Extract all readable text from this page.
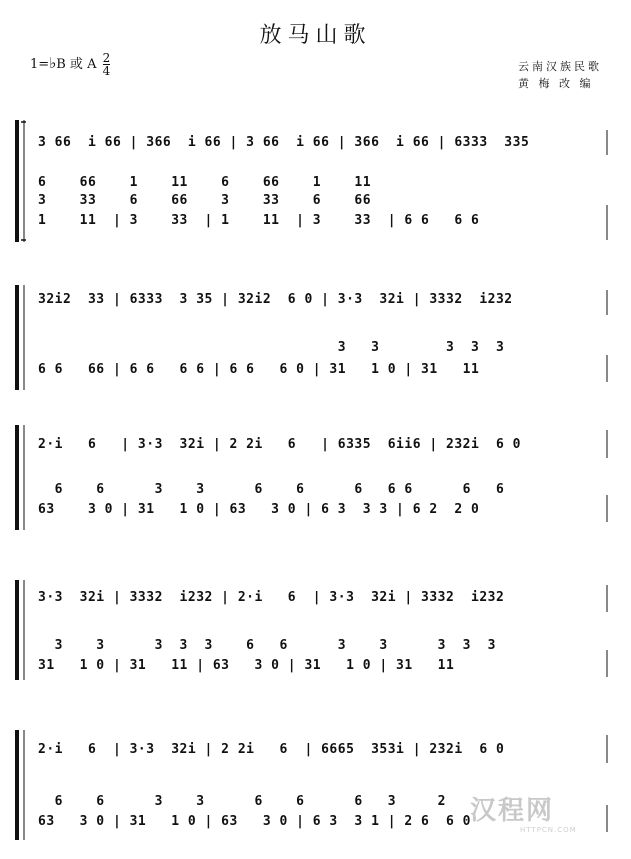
放马山歌
1=♭B 或 A $\frac{2}{4}$	云南汉族民歌
黄 梅 改 编
3 66  i 66 | 366  i 66 | 3 66  i 66 | 366  i 66 | 6333  335
6    66    1    11    6    66    1    11
3    33    6    66    3    33    6    66
1    11  | 3    33  | 1    11  | 3    33  | 6 6   6 6
32i2  33 | 6333  3 35 | 32i2  6 0 | 3·3  32i | 3332  i232
3   3        3  3  3
6 6   66 | 6 6   6 6 | 6 6   6 0 | 31   1 0 | 31   11
2·i   6   | 3·3  32i | 2 2i   6   | 6335  6ii6 | 232i  6 0
6    6      3    3      6    6      6   6 6      6   6
63    3 0 | 31   1 0 | 63   3 0 | 6 3  3 3 | 6 2  2 0
3·3  32i | 3332  i232 | 2·i   6  | 3·3  32i | 3332  i232
3    3      3  3  3    6   6      3    3      3  3  3
31   1 0 | 31   11 | 63   3 0 | 31   1 0 | 31   11
2·i   6  | 3·3  32i | 2 2i   6  | 6665  353i | 232i  6 0
6    6      3    3      6    6      6   3     2
63   3 0 | 31   1 0 | 63   3 0 | 6 3  3 1 | 2 6  6 0 汉程网
HTTPCN.COM
